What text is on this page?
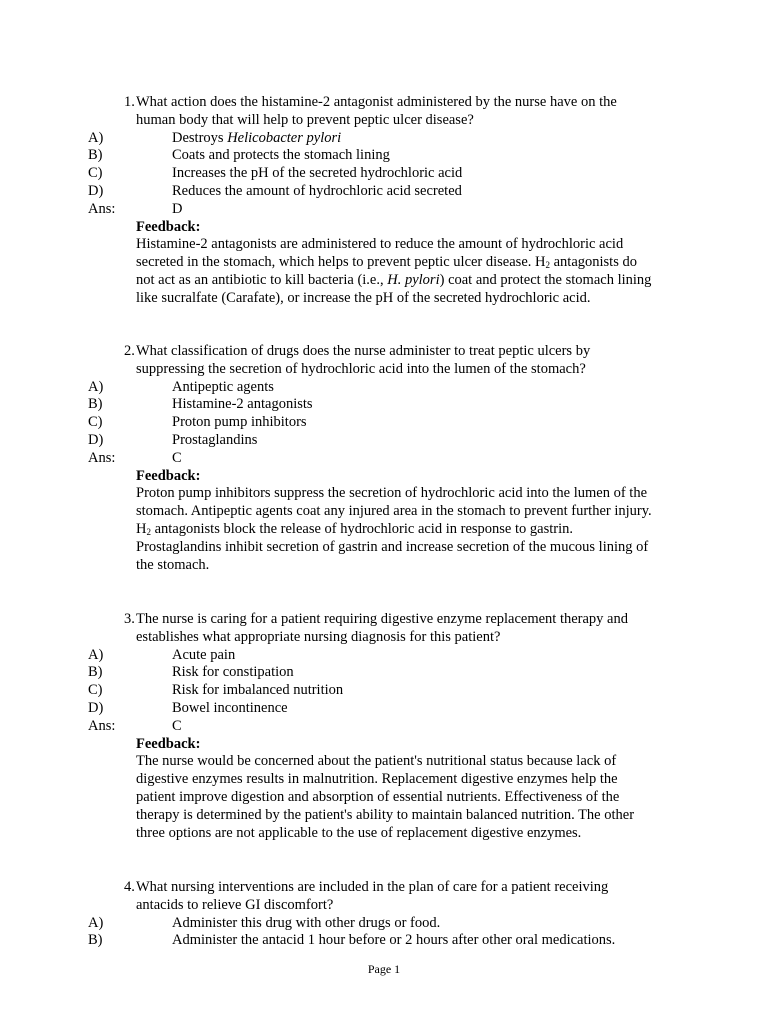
1. What action does the histamine-2 antagonist administered by the nurse have on the
human body that will help to prevent peptic ulcer disease?
A)	Destroys Helicobacter pylori
B)	Coats and protects the stomach lining
C)	Increases the pH of the secreted hydrochloric acid
D)	Reduces the amount of hydrochloric acid secreted
Ans:	D
Feedback:
Histamine-2 antagonists are administered to reduce the amount of hydrochloric acid
secreted in the stomach, which helps to prevent peptic ulcer disease. $H_2$ antagonists do
not act as an antibiotic to kill bacteria (i.e., H. pylori) coat and protect the stomach lining
like sucralfate (Carafate), or increase the pH of the secreted hydrochloric acid.
2. What classification of drugs does the nurse administer to treat peptic ulcers by
suppressing the secretion of hydrochloric acid into the lumen of the stomach?
A)	Antipeptic agents
B)	Histamine-2 antagonists
C)	Proton pump inhibitors
D)	Prostaglandins
Ans:	C
Feedback:
Proton pump inhibitors suppress the secretion of hydrochloric acid into the lumen of the
stomach. Antipeptic agents coat any injured area in the stomach to prevent further injury.
$H_2$ antagonists block the release of hydrochloric acid in response to gastrin.
Prostaglandins inhibit secretion of gastrin and increase secretion of the mucous lining of
the stomach.
3. The nurse is caring for a patient requiring digestive enzyme replacement therapy and
establishes what appropriate nursing diagnosis for this patient?
A)	Acute pain
B)	Risk for constipation
C)	Risk for imbalanced nutrition
D)	Bowel incontinence
Ans:	C
Feedback:
The nurse would be concerned about the patient's nutritional status because lack of
digestive enzymes results in malnutrition. Replacement digestive enzymes help the
patient improve digestion and absorption of essential nutrients. Effectiveness of the
therapy is determined by the patient's ability to maintain balanced nutrition. The other
three options are not applicable to the use of replacement digestive enzymes.
4. What nursing interventions are included in the plan of care for a patient receiving
antacids to relieve GI discomfort?
A)	Administer this drug with other drugs or food.
B)	Administer the antacid 1 hour before or 2 hours after other oral medications.
Page 1
